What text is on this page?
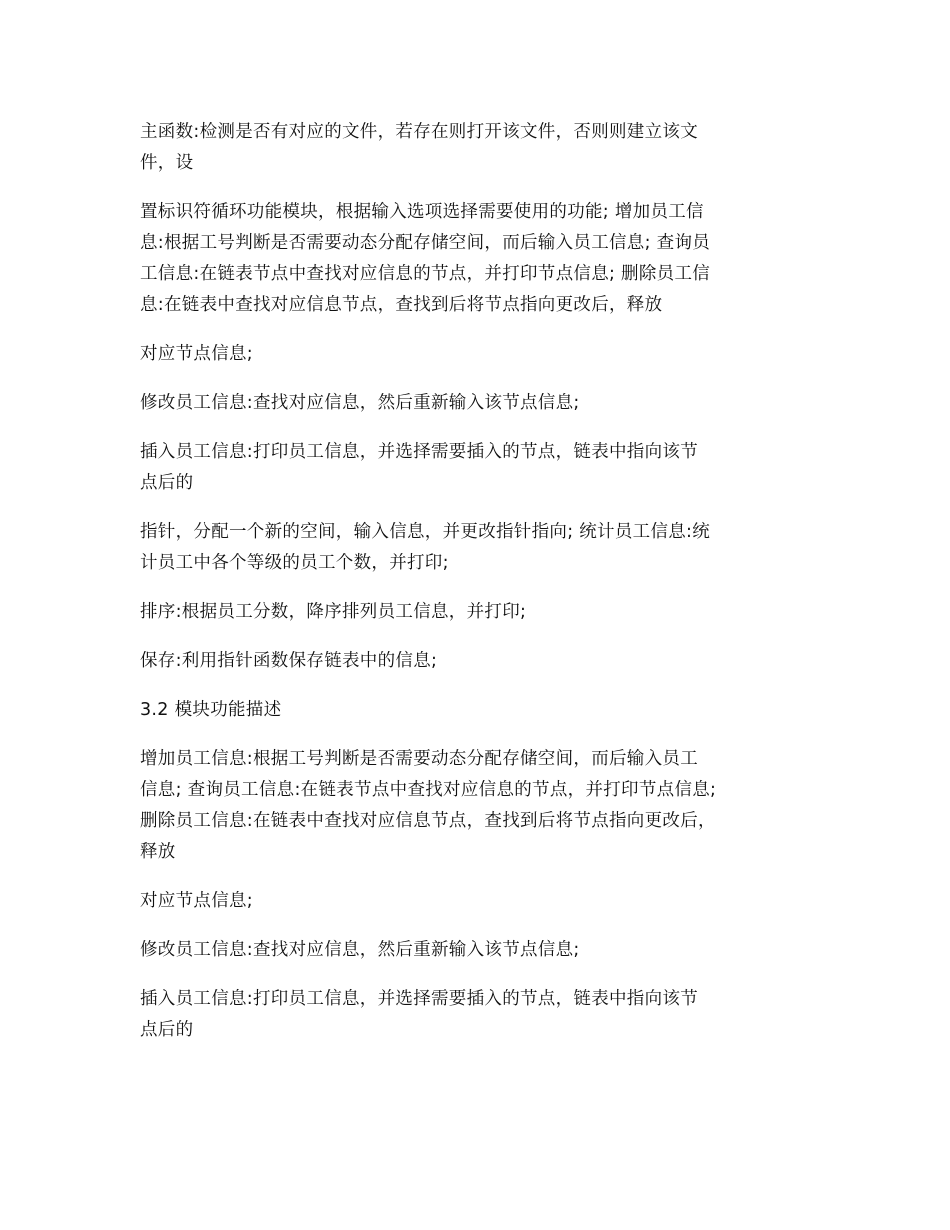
主函数:检测是否有对应的文件，若存在则打开该文件，否则则建立该文
件，设
置标识符循环功能模块，根据输入选项选择需要使用的功能; 增加员工信
息:根据工号判断是否需要动态分配存储空间，而后输入员工信息; 查询员
工信息:在链表节点中查找对应信息的节点，并打印节点信息; 删除员工信
息:在链表中查找对应信息节点，查找到后将节点指向更改后，释放
对应节点信息;
修改员工信息:查找对应信息，然后重新输入该节点信息;
插入员工信息:打印员工信息，并选择需要插入的节点，链表中指向该节
点后的
指针，分配一个新的空间，输入信息，并更改指针指向; 统计员工信息:统
计员工中各个等级的员工个数，并打印;
排序:根据员工分数，降序排列员工信息，并打印;
保存:利用指针函数保存链表中的信息;
3.2 模块功能描述
增加员工信息:根据工号判断是否需要动态分配存储空间，而后输入员工
信息; 查询员工信息:在链表节点中查找对应信息的节点，并打印节点信息;
删除员工信息:在链表中查找对应信息节点，查找到后将节点指向更改后，
释放
对应节点信息;
修改员工信息:查找对应信息，然后重新输入该节点信息;
插入员工信息:打印员工信息，并选择需要插入的节点，链表中指向该节
点后的
